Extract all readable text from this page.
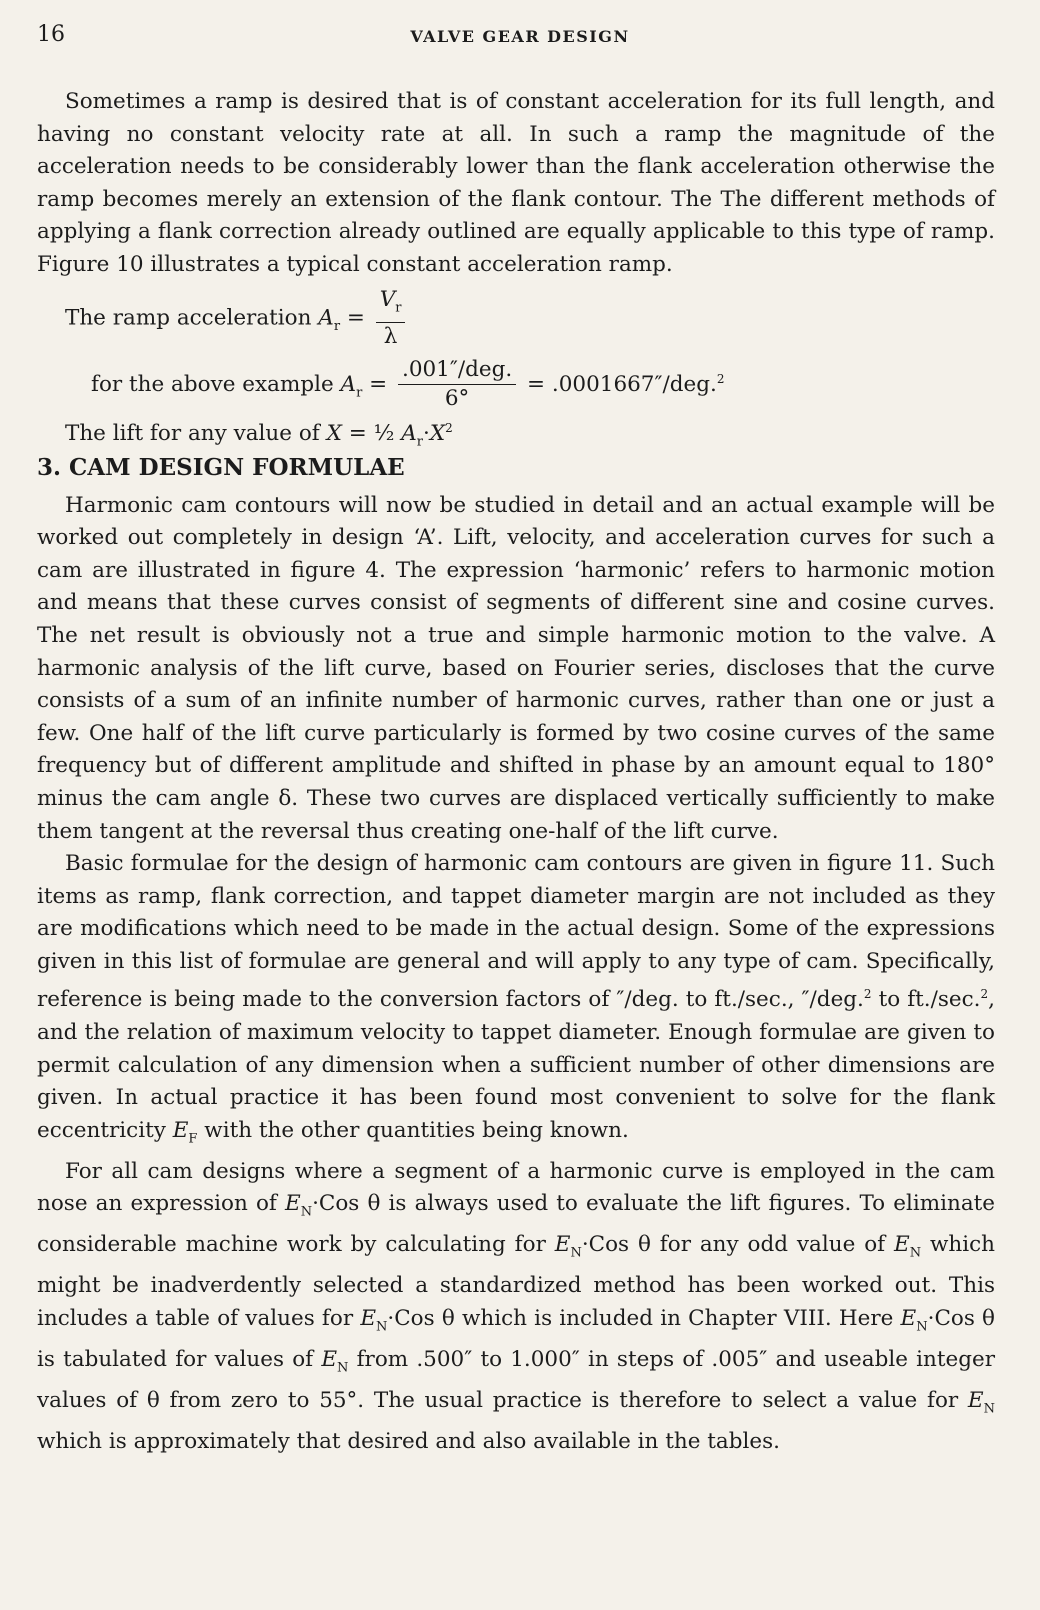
16	VALVE GEAR DESIGN

Sometimes a ramp is desired that is of constant acceleration for its full length, and having no constant velocity rate at all. In such a ramp the magnitude of the acceleration needs to be considerably lower than the flank acceleration otherwise the ramp becomes merely an extension of the flank contour. The The different methods of applying a flank correction already outlined are equally applicable to this type of ramp. Figure 10 illustrates a typical constant acceleration ramp.

The ramp acceleration $A_r = \frac{V_r}{\lambda}$
for the above example $A_r = \frac{\text{.001″/deg.}}{6^\circ} = .0001667''/deg.^2$
The lift for any value of X = ½ $A_r\cdot X^2$
3. CAM DESIGN FORMULAE

Harmonic cam contours will now be studied in detail and an actual example will be worked out completely in design ‘A’. Lift, velocity, and acceleration curves for such a cam are illustrated in figure 4. The expression ‘harmonic’ refers to harmonic motion and means that these curves consist of segments of different sine and cosine curves. The net result is obviously not a true and simple harmonic motion to the valve. A harmonic analysis of the lift curve, based on Fourier series, discloses that the curve consists of a sum of an infinite number of harmonic curves, rather than one or just a few. One half of the lift curve particularly is formed by two cosine curves of the same frequency but of different amplitude and shifted in phase by an amount equal to 180° minus the cam angle δ. These two curves are displaced vertically sufficiently to make them tangent at the reversal thus creating one-half of the lift curve.

Basic formulae for the design of harmonic cam contours are given in figure 11. Such items as ramp, flank correction, and tappet diameter margin are not included as they are modifications which need to be made in the actual design. Some of the expressions given in this list of formulae are general and will apply to any type of cam. Specifically, reference is being made to the conversion factors of ″/deg. to ft./sec., ″/deg.$^2$ to ft./sec.$^2$, and the relation of maximum velocity to tappet diameter. Enough formulae are given to permit calculation of any dimension when a sufficient number of other dimensions are given. In actual practice it has been found most convenient to solve for the flank eccentricity $E_F$ with the other quantities being known.

For all cam designs where a segment of a harmonic curve is employed in the cam nose an expression of $E_N\cdot Cos$ θ is always used to evaluate the lift figures. To eliminate considerable machine work by calculating for $E_N\cdot Cos$ θ for any odd value of $E_N$ which might be inadverdently selected a standardized method has been worked out. This includes a table of values for $E_N\cdot Cos$ θ which is included in Chapter VIII. Here $E_N\cdot Cos$ θ is tabulated for values of $E_N$ from .500″ to 1.000″ in steps of .005″ and useable integer values of θ from zero to 55°. The usual practice is therefore to select a value for $E_N$ which is approximately that desired and also available in the tables.
